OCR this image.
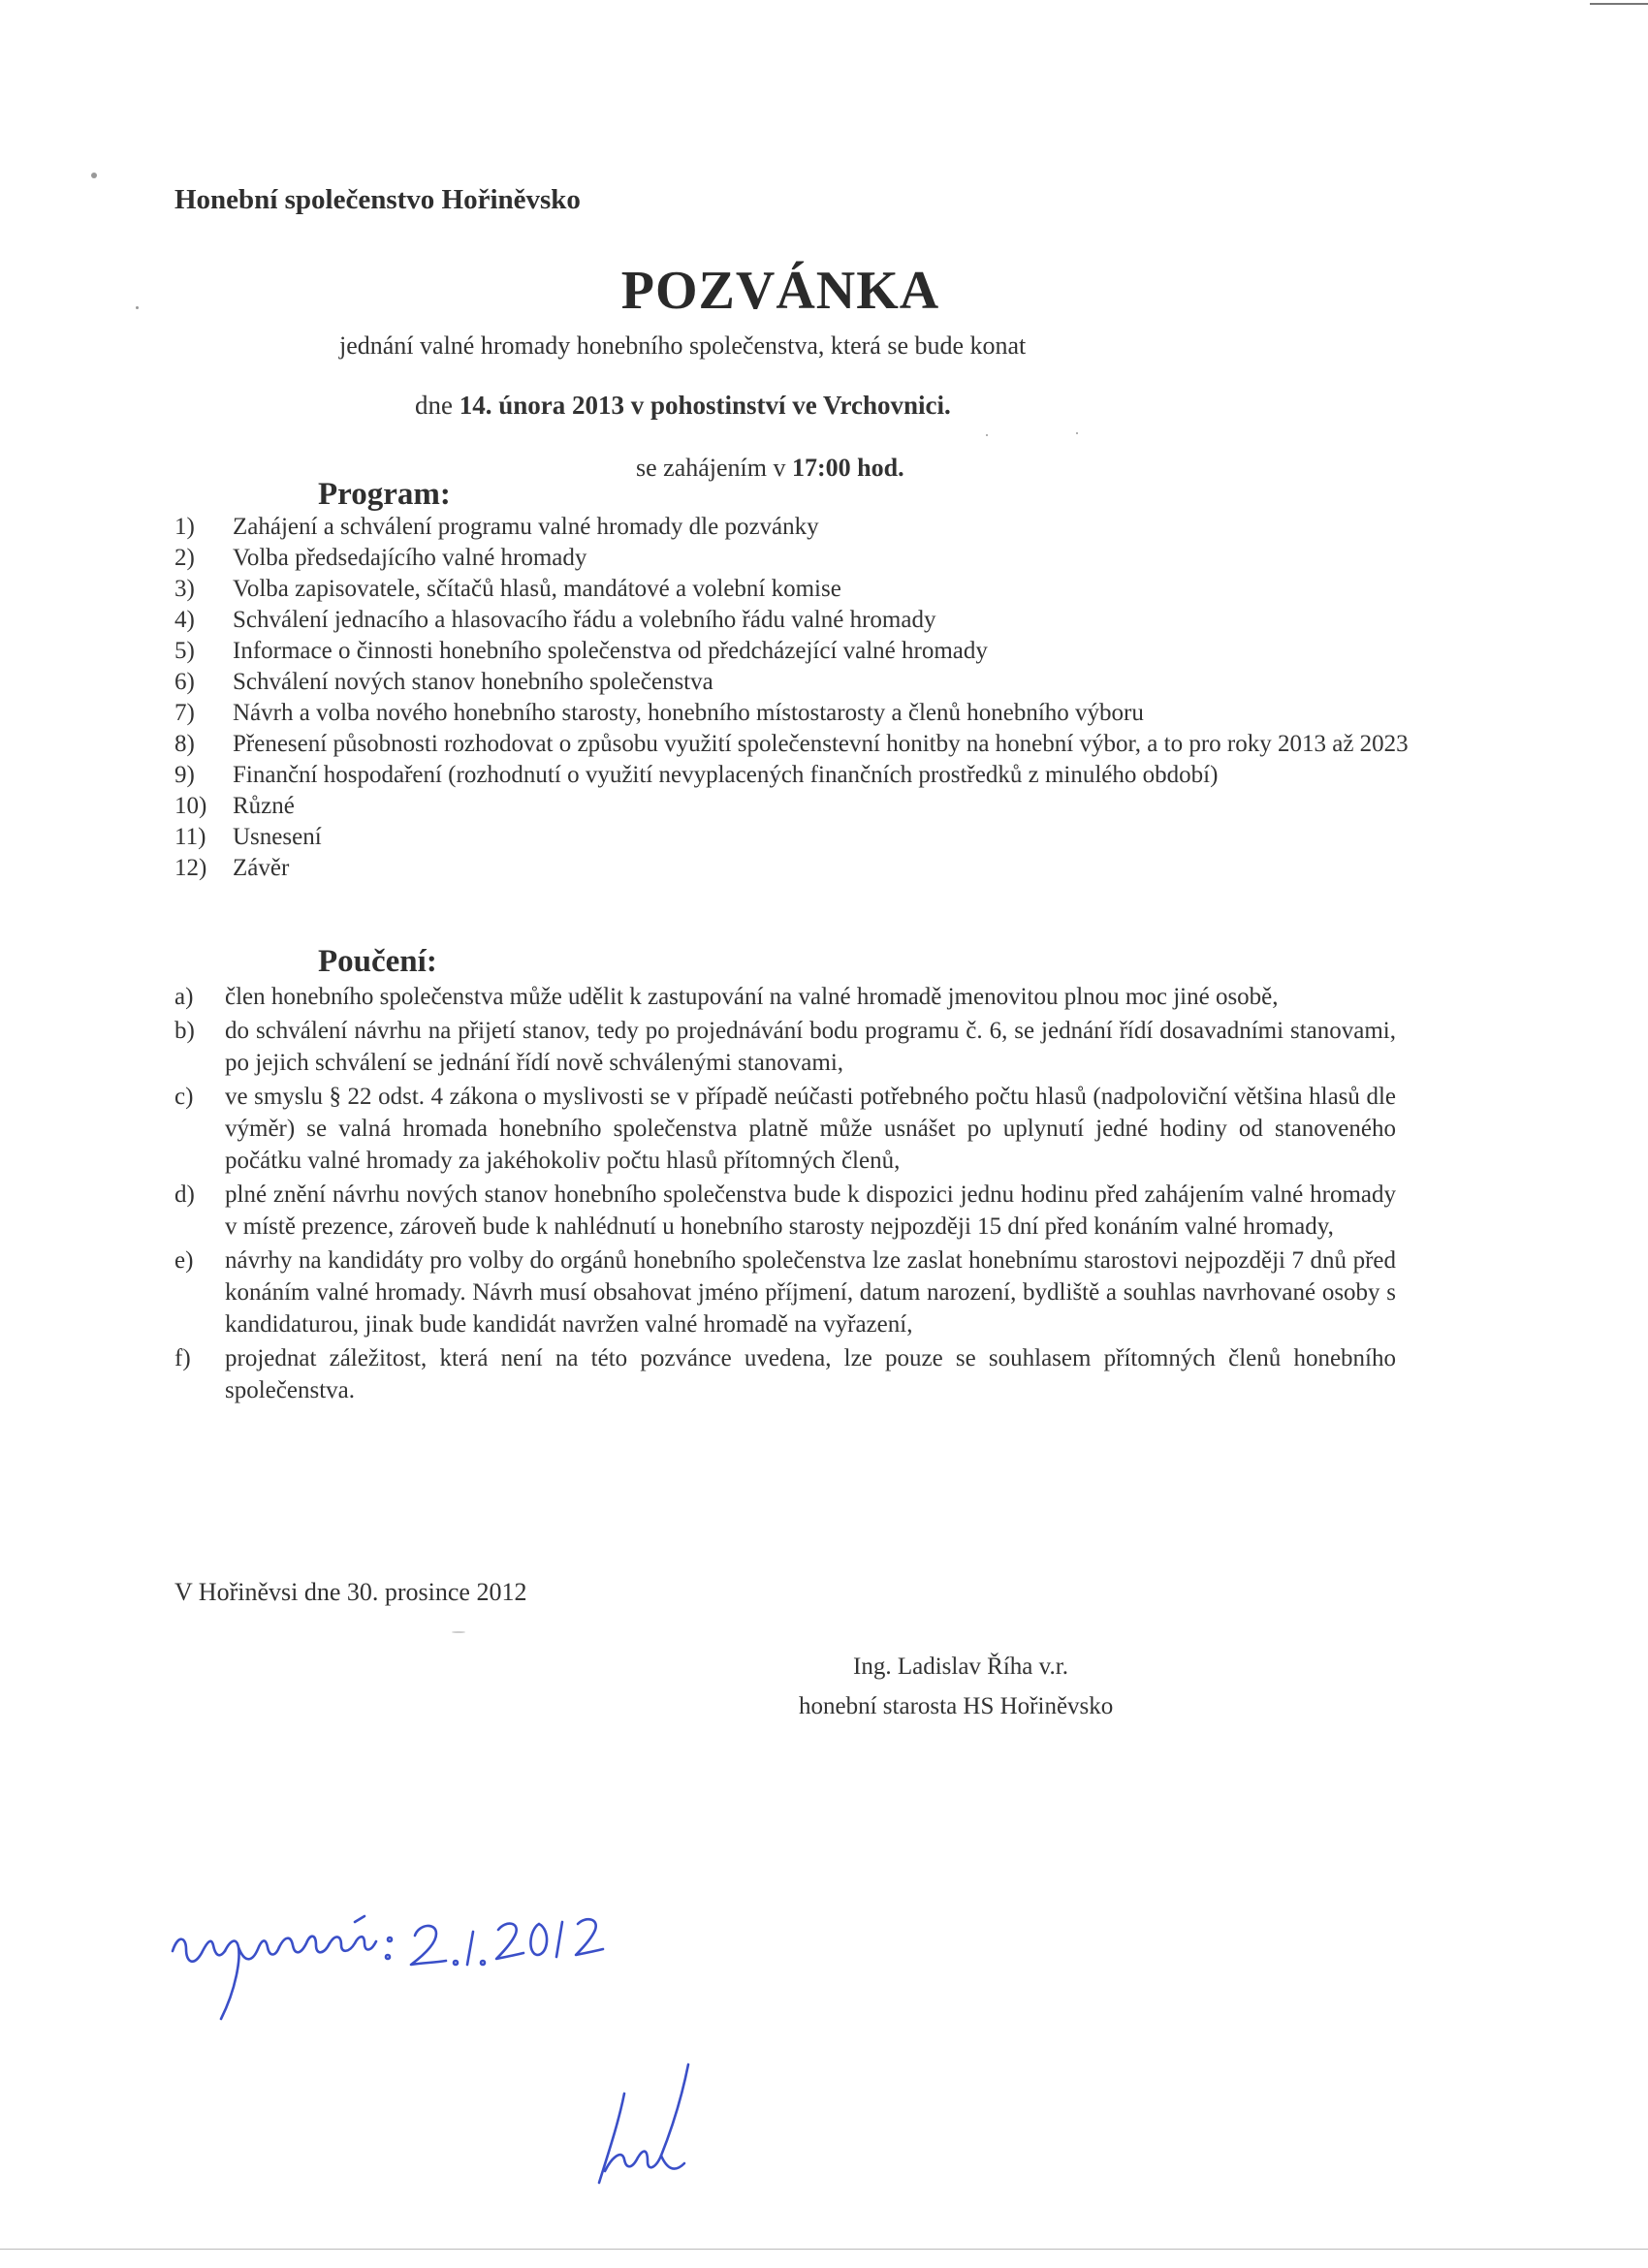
Honební společenstvo Hořiněvsko
POZVÁNKA
jednání valné hromady honebního společenstva, která se bude konat
dne 14. února 2013 v pohostinství ve Vrchovnici.
se zahájením v 17:00 hod.
Program:
1)	Zahájení a schválení programu valné hromady dle pozvánky
2)	Volba předsedajícího valné hromady
3)	Volba zapisovatele, sčítačů hlasů, mandátové a volební komise
4)	Schválení jednacího a hlasovacího řádu a volebního řádu valné hromady
5)	Informace o činnosti honebního společenstva od předcházející valné hromady
6)	Schválení nových stanov honebního společenstva
7)	Návrh a volba nového honebního starosty, honebního místostarosty a členů honebního výboru
8)	Přenesení působnosti rozhodovat o způsobu využití společenstevní honitby na honební výbor, a to pro roky 2013 až 2023
9)	Finanční hospodaření (rozhodnutí o využití nevyplacených finančních prostředků z minulého období)
10)	Různé
11)	Usnesení
12)	Závěr
Poučení:
a)	člen honebního společenstva může udělit k zastupování na valné hromadě jmenovitou plnou moc jiné osobě,
b)	do schválení návrhu na přijetí stanov, tedy po projednávání bodu programu č. 6, se jednání řídí dosavadními stanovami, po jejich schválení se jednání řídí nově schválenými stanovami,
c)	ve smyslu § 22 odst. 4 zákona o myslivosti se v případě neúčasti potřebného počtu hlasů (nadpoloviční většina hlasů dle výměr) se valná hromada honebního společenstva platně může usnášet po uplynutí jedné hodiny od stanoveného počátku valné hromady za jakéhokoliv počtu hlasů přítomných členů,
d)	plné znění návrhu nových stanov honebního společenstva bude k dispozici jednu hodinu před zahájením valné hromady v místě prezence, zároveň bude k nahlédnutí u honebního starosty nejpozději 15 dní před konáním valné hromady,
e)	návrhy na kandidáty pro volby do orgánů honebního společenstva lze zaslat honebnímu starostovi nejpozději 7 dnů před konáním valné hromady. Návrh musí obsahovat jméno příjmení, datum narození, bydliště a souhlas navrhované osoby s kandidaturou, jinak bude kandidát navržen valné hromadě na vyřazení,
f)	projednat záležitost, která není na této pozvánce uvedena, lze pouze se souhlasem přítomných členů honebního společenstva.
V Hořiněvsi dne 30. prosince 2012
Ing. Ladislav Říha v.r.
honební starosta HS Hořiněvsko
